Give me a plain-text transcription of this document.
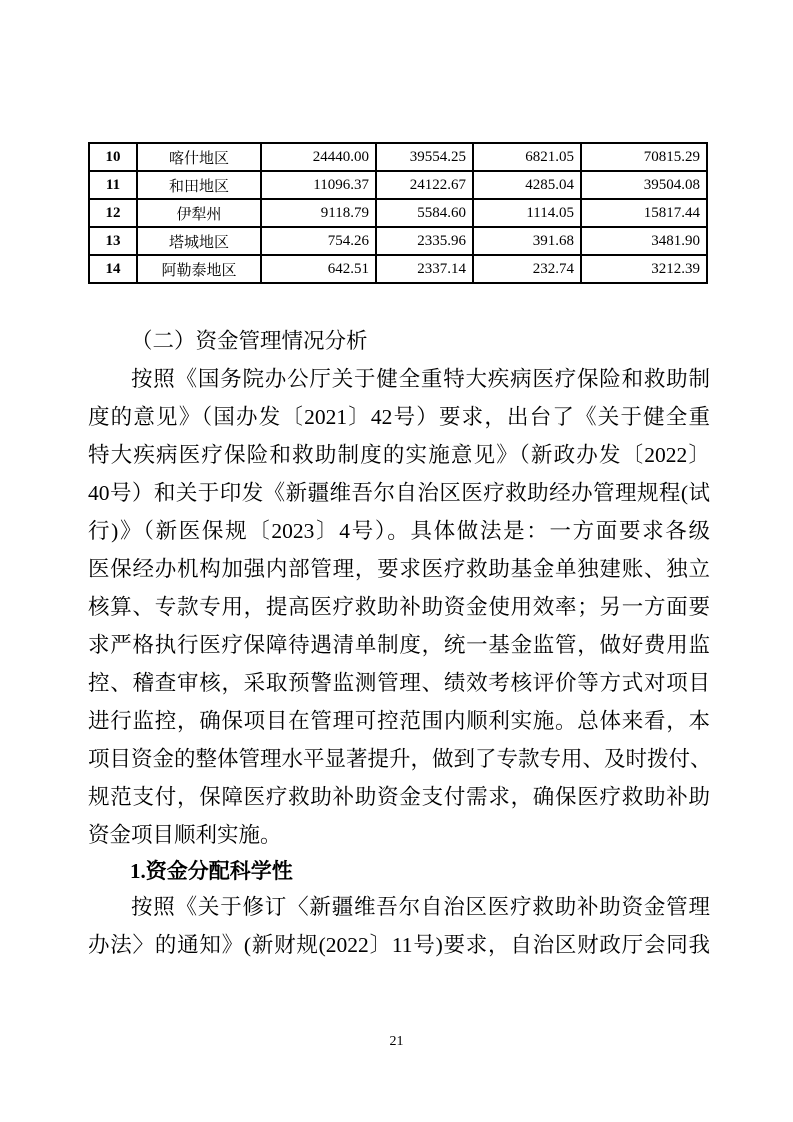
10	喀什地区	24440.00	39554.25	6821.05	70815.29
11	和田地区	11096.37	24122.67	4285.04	39504.08
12	伊犁州	9118.79	5584.60	1114.05	15817.44
13	塔城地区	754.26	2335.96	391.68	3481.90
14	阿勒泰地区	642.51	2337.14	232.74	3212.39
（二）资金管理情况分析
按照《国务院办公厅关于健全重特大疾病医疗保险和救助制
度的意见》（国办发〔2021〕42号）要求，出台了《关于健全重
特大疾病医疗保险和救助制度的实施意见》（新政办发〔2022〕
40号）和关于印发《新疆维吾尔自治区医疗救助经办管理规程(试
行)》（新医保规〔2023〕4号）。具体做法是：一方面要求各级
医保经办机构加强内部管理，要求医疗救助基金单独建账、独立
核算、专款专用，提高医疗救助补助资金使用效率；另一方面要
求严格执行医疗保障待遇清单制度，统一基金监管，做好费用监
控、稽查审核，采取预警监测管理、绩效考核评价等方式对项目
进行监控，确保项目在管理可控范围内顺利实施。总体来看，本
项目资金的整体管理水平显著提升，做到了专款专用、及时拨付、
规范支付，保障医疗救助补助资金支付需求，确保医疗救助补助
资金项目顺利实施。
1.资金分配科学性
按照《关于修订〈新疆维吾尔自治区医疗救助补助资金管理
办法〉的通知》(新财规(2022〕11号)要求，自治区财政厅会同我
21
